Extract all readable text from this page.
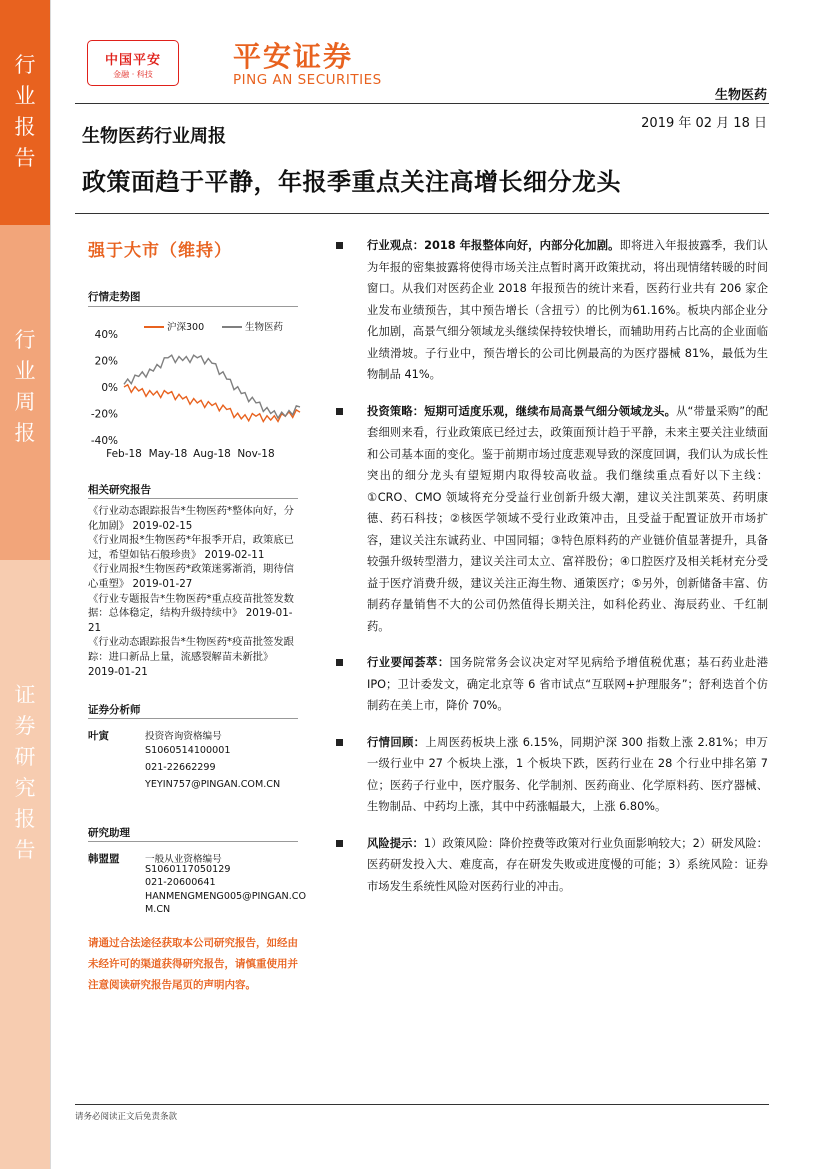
行
业
报
告
行
业
周
报
证
券
研
究
报
告
中国平安
金融 · 科技
平安证券
PING AN SECURITIES
生物医药
2019 年 02 月 18 日
生物医药行业周报
政策面趋于平静，年报季重点关注高增长细分龙头
强于大市（维持）
行情走势图
沪深300	生物医药
40%
20%
0%
-20%
-40%
Feb-18 May-18 Aug-18 Nov-18
相关研究报告

《行业动态跟踪报告*生物医药*整体向好，分化加剧》 2019-02-15

《行业周报*生物医药*年报季开启，政策底已过，希望如钻石般珍贵》 2019-02-11

《行业周报*生物医药*政策迷雾渐消，期待信心重塑》 2019-01-27

《行业专题报告*生物医药*重点疫苗批签发数据：总体稳定，结构升级持续中》 2019-01-21

《行业动态跟踪报告*生物医药*疫苗批签发跟踪：进口新品上量，流感裂解苗未新批》 2019-01-21

证券分析师
叶寅	投资咨询资格编号
S1060514100001
021-22662299
YEYIN757@PINGAN.COM.CN
研究助理
韩盟盟	一般从业资格编号
S1060117050129
021-20600641
HANMENGMENG005@PINGAN.CO
M.CN
请通过合法途径获取本公司研究报告，如经由未经许可的渠道获得研究报告，请慎重使用并注意阅读研究报告尾页的声明内容。
行业观点：2018 年报整体向好，内部分化加剧。即将进入年报披露季，我们认为年报的密集披露将使得市场关注点暂时离开政策扰动，将出现情绪转暖的时间窗口。从我们对医药企业 2018 年报预告的统计来看，医药行业共有 206 家企业发布业绩预告，其中预告增长（含扭亏）的比例为61.16%。板块内部企业分化加剧，高景气细分领域龙头继续保持较快增长，而辅助用药占比高的企业面临业绩滑坡。子行业中，预告增长的公司比例最高的为医疗器械 81%，最低为生物制品 41%。
投资策略：短期可适度乐观，继续布局高景气细分领域龙头。从“带量采购”的配套细则来看，行业政策底已经过去，政策面预计趋于平静，未来主要关注业绩面和公司基本面的变化。鉴于前期市场过度悲观导致的深度回调，我们认为成长性突出的细分龙头有望短期内取得较高收益。我们继续重点看好以下主线：①CRO、CMO 领域将充分受益行业创新升级大潮，建议关注凯莱英、药明康德、药石科技；②核医学领域不受行业政策冲击，且受益于配置证放开市场扩容，建议关注东诚药业、中国同辐；③特色原料药的产业链价值显著提升，具备较强升级转型潜力，建议关注司太立、富祥股份；④口腔医疗及相关耗材充分受益于医疗消费升级，建议关注正海生物、通策医疗；⑤另外，创新储备丰富、仿制药存量销售不大的公司仍然值得长期关注，如科伦药业、海辰药业、千红制药。
行业要闻荟萃：国务院常务会议决定对罕见病给予增值税优惠；基石药业赴港 IPO；卫计委发文，确定北京等 6 省市试点“互联网+护理服务”；舒利迭首个仿制药在美上市，降价 70%。
行情回顾：上周医药板块上涨 6.15%，同期沪深 300 指数上涨 2.81%；申万一级行业中 27 个板块上涨，1 个板块下跌，医药行业在 28 个行业中排名第 7 位；医药子行业中，医疗服务、化学制剂、医药商业、化学原料药、医疗器械、生物制品、中药均上涨，其中中药涨幅最大，上涨 6.80%。
风险提示：1）政策风险：降价控费等政策对行业负面影响较大；2）研发风险：医药研发投入大、难度高，存在研发失败或进度慢的可能；3）系统风险：证券市场发生系统性风险对医药行业的冲击。
请务必阅读正文后免责条款
